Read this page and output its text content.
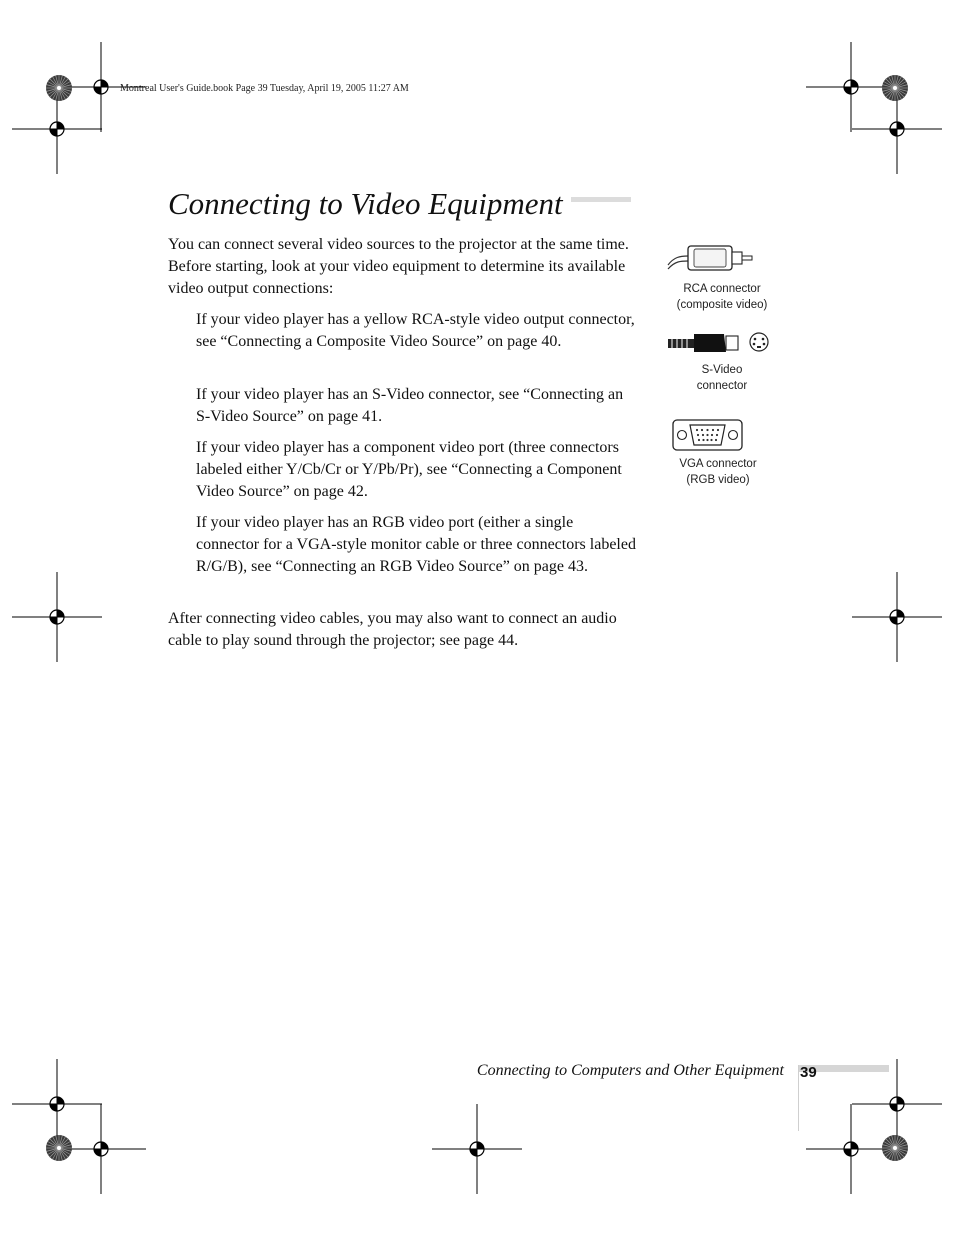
Montreal User's Guide.book Page 39 Tuesday, April 19, 2005 11:27 AM
Connecting to Video Equipment

You can connect several video sources to the projector at the same time. Before starting, look at your video equipment to determine its available video output connections:

If your video player has a yellow RCA-style video output connector, see “Connecting a Composite Video Source” on page 40.

If your video player has an S-Video connector, see “Connecting an S-Video Source” on page 41.

If your video player has a component video port (three connectors labeled either Y/Cb/Cr or Y/Pb/Pr), see “Connecting a Component Video Source” on page 42.

If your video player has an RGB video port (either a single connector for a VGA-style monitor cable or three connectors labeled R/G/B), see “Connecting an RGB Video Source” on page 43.

After connecting video cables, you may also want to connect an audio cable to play sound through the projector; see page 44.

RCA connector
(composite video)
S-Video
connector
VGA connector
(RGB video)
Connecting to Computers and Other Equipment 39
